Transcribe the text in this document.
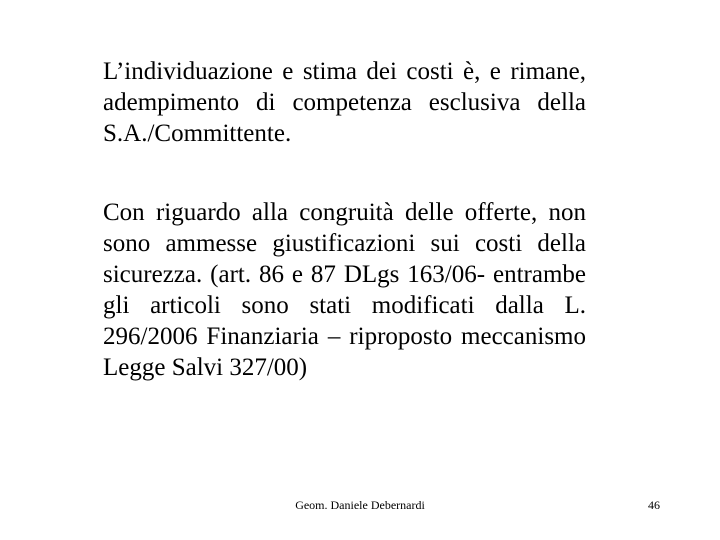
L’individuazione e stima dei costi è, e rimane, adempimento di competenza esclusiva della S.A./Committente.

Con riguardo alla congruità delle offerte, non sono ammesse giustificazioni sui costi della sicurezza. (art. 86 e 87 DLgs 163/06- entrambe gli articoli sono stati modificati dalla L. 296/2006 Finanziaria – riproposto meccanismo Legge Salvi 327/00)

Geom. Daniele Debernardi	46
